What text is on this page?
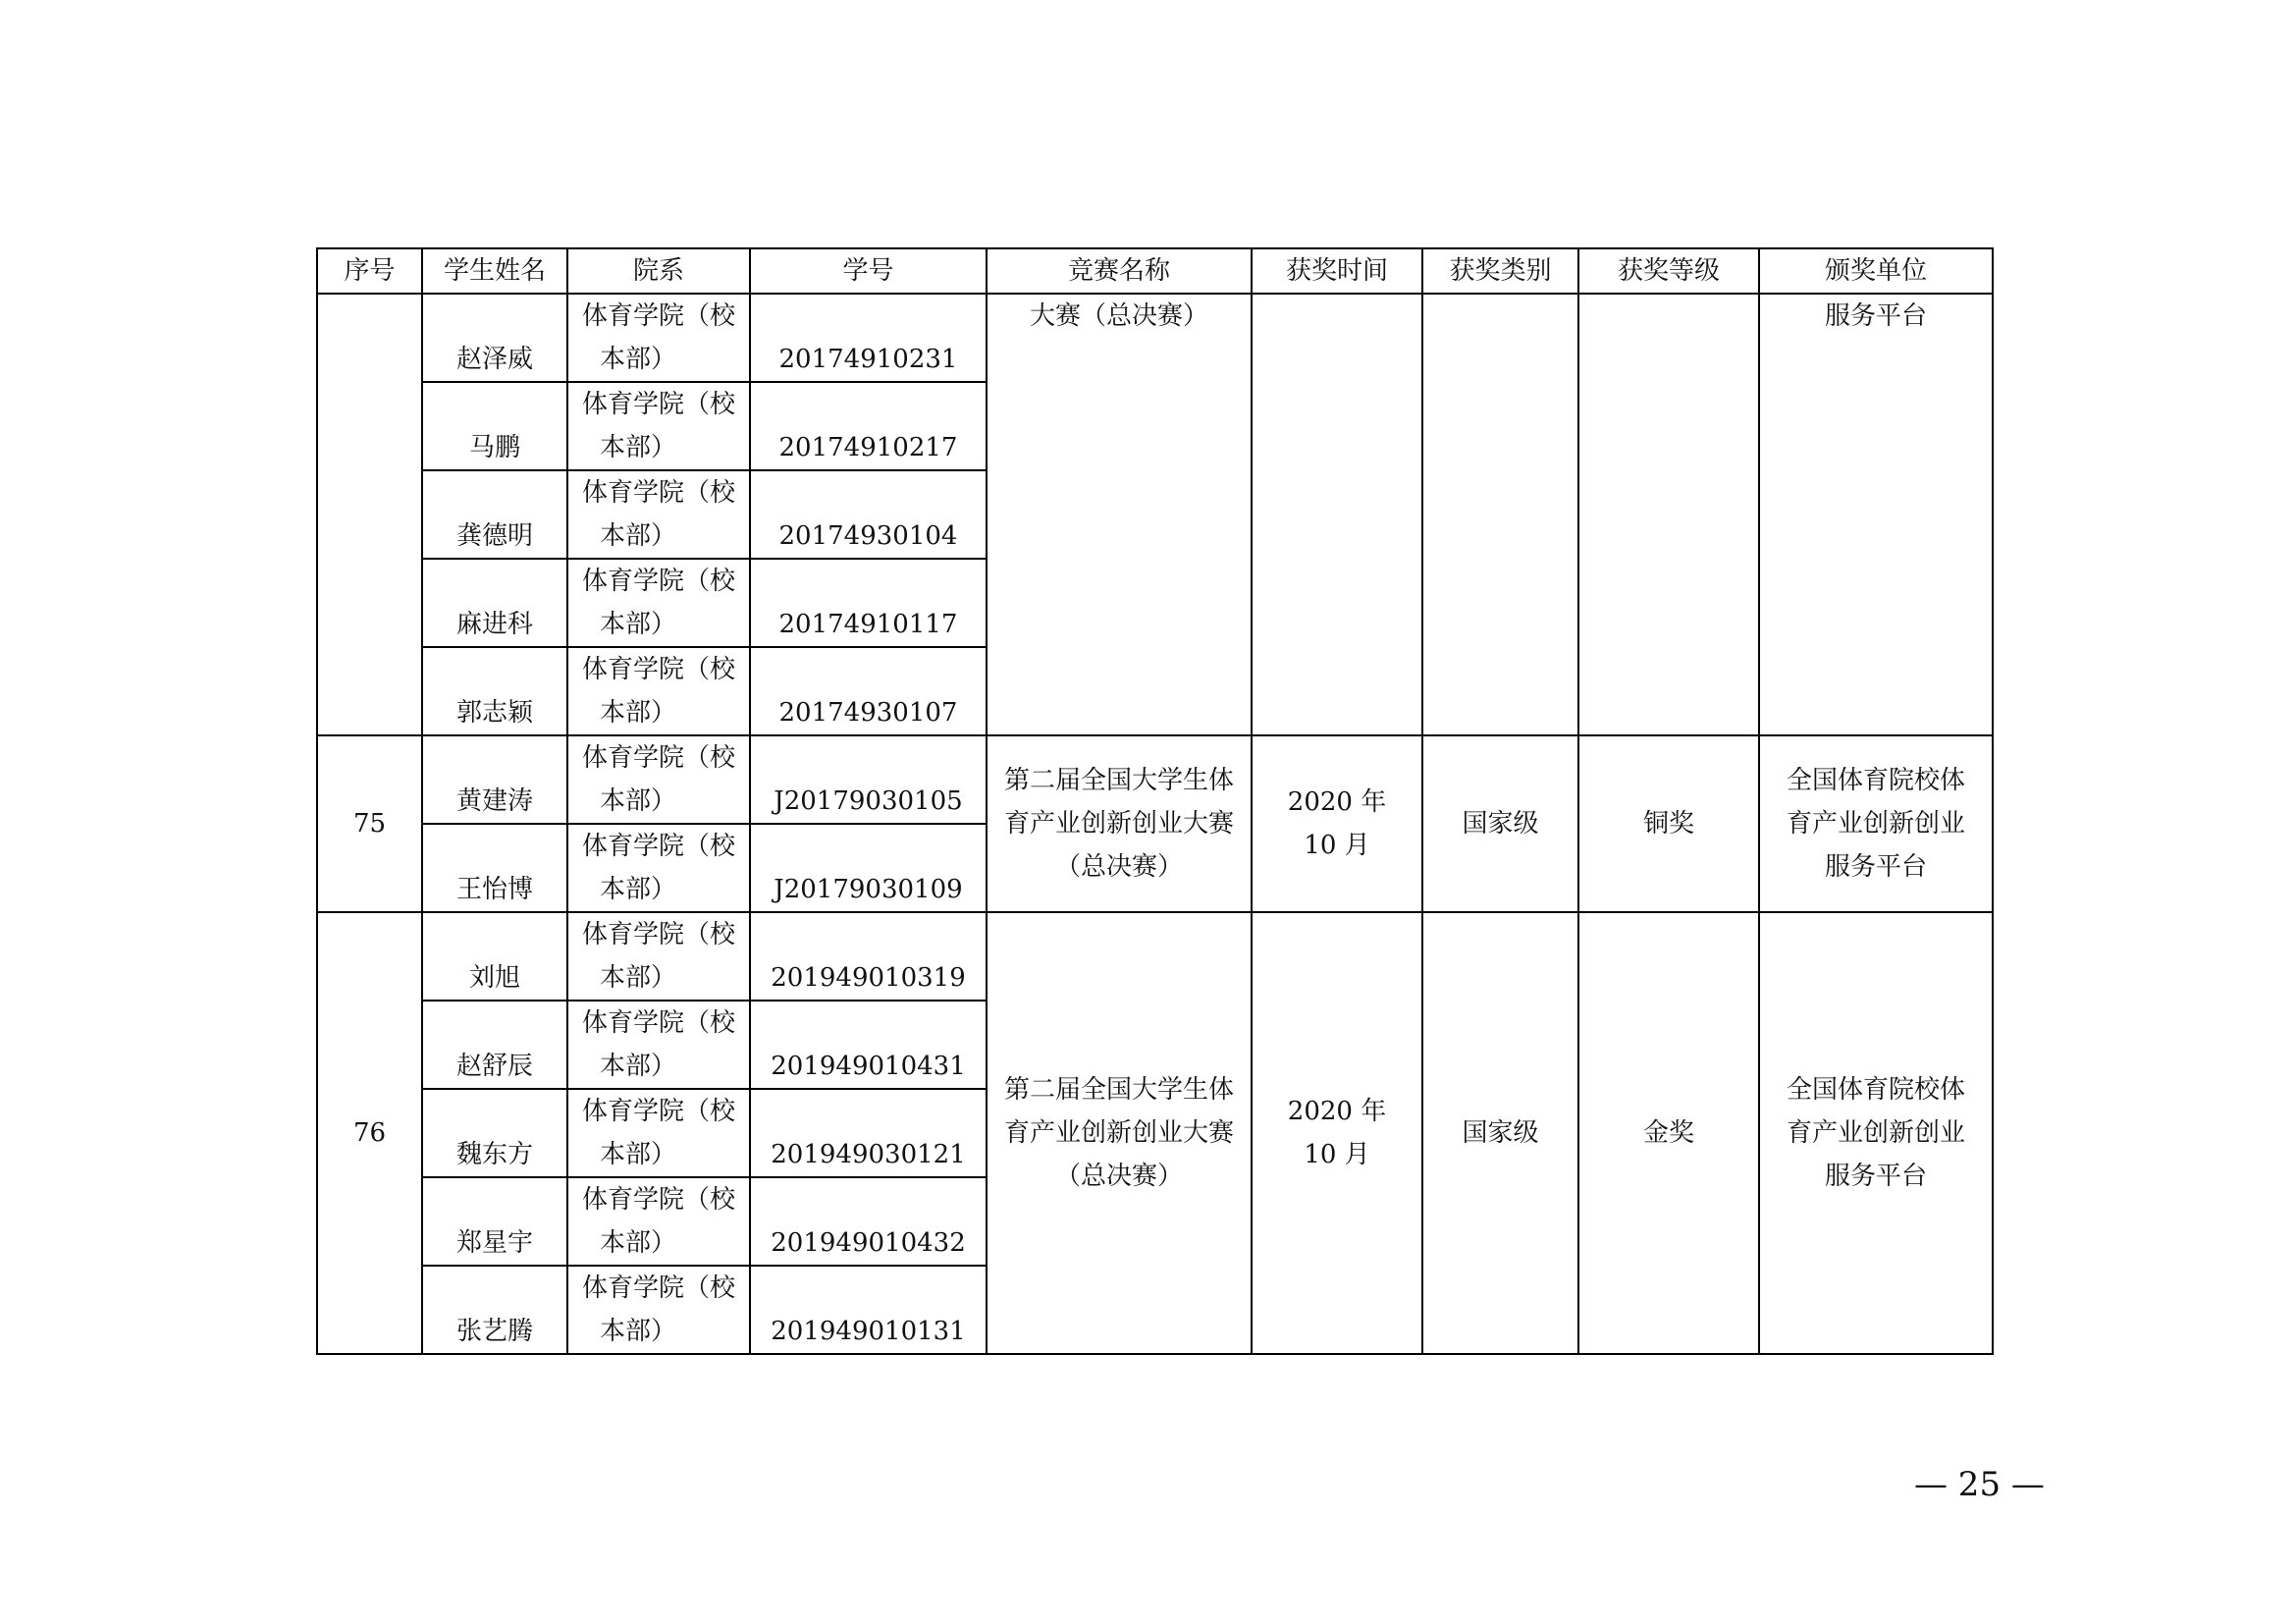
序号	学生姓名	院系	学号	竞赛名称	获奖时间	获奖类别	获奖等级	颁奖单位
	赵泽威	体育学院（校
本部）	20174910231	大赛（总决赛）				服务平台

	马鹏	体育学院（校
本部）	20174910217					
	龚德明	体育学院（校
本部）	20174930104					
	麻进科	体育学院（校
本部）	20174910117					
	郭志颖	体育学院（校
本部）	20174930107					
75	黄建涛	体育学院（校
本部）	J20179030105	第二届全国大学生体育产业创新创业大赛（总决赛）	2020 年 10 月	国家级	铜奖	全国体育院校体育产业创新创业服务平台

	王怡博	体育学院（校
本部）	J20179030109					
76	刘旭	体育学院（校
本部）	201949010319	第二届全国大学生体育产业创新创业大赛（总决赛）	2020 年 10 月	国家级	金奖	全国体育院校体育产业创新创业服务平台

	赵舒辰	体育学院（校
本部）	201949010431					
	魏东方	体育学院（校
本部）	201949030121					
	郑星宇	体育学院（校
本部）	201949010432					
	张艺腾	体育学院（校
本部）	201949010131					
— 25 —
